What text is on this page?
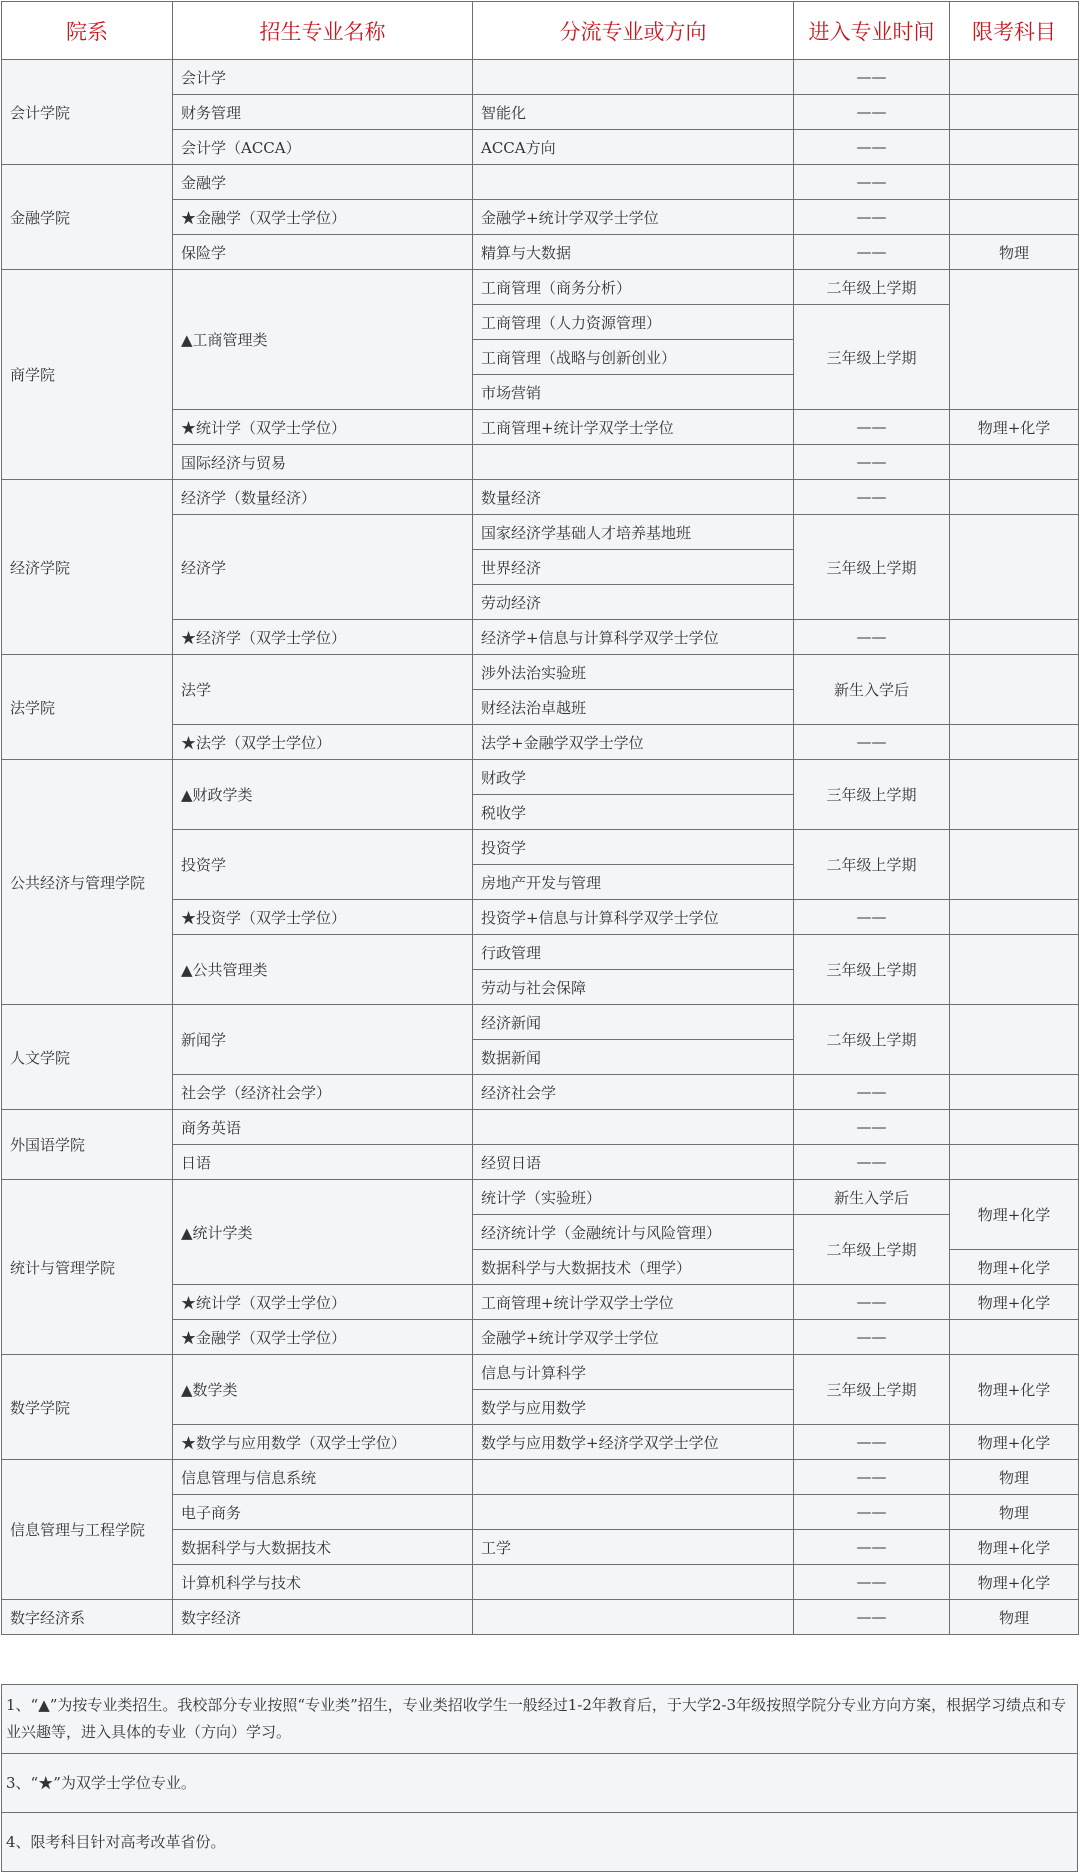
院系	招生专业名称	分流专业或方向	进入专业时间	限考科目
会计学院	会计学		——	
	财务管理	智能化	——	
	会计学（ACCA）	ACCA方向	——	
金融学院	金融学		——	
	★金融学（双学士学位）	金融学+统计学双学士学位	——	
	保险学	精算与大数据	——	物理
商学院	▲工商管理类	工商管理（商务分析）	二年级上学期	
		工商管理（人力资源管理）	三年级上学期	
		工商管理（战略与创新创业）		
		市场营销		
	★统计学（双学士学位）	工商管理+统计学双学士学位	——	物理+化学
	国际经济与贸易		——	
经济学院	经济学（数量经济）	数量经济	——	
	经济学	国家经济学基础人才培养基地班	三年级上学期	
		世界经济		
		劳动经济		
	★经济学（双学士学位）	经济学+信息与计算科学双学士学位	——	
法学院	法学	涉外法治实验班	新生入学后	
		财经法治卓越班		
	★法学（双学士学位）	法学+金融学双学士学位	——	
公共经济与管理学院	▲财政学类	财政学	三年级上学期	
		税收学		
	投资学	投资学	二年级上学期	
		房地产开发与管理		
	★投资学（双学士学位）	投资学+信息与计算科学双学士学位	——	
	▲公共管理类	行政管理	三年级上学期	
		劳动与社会保障		
人文学院	新闻学	经济新闻	二年级上学期	
		数据新闻		
	社会学（经济社会学）	经济社会学	——	
外国语学院	商务英语		——	
	日语	经贸日语	——	
统计与管理学院	▲统计学类	统计学（实验班）	新生入学后	物理+化学
		经济统计学（金融统计与风险管理）	二年级上学期	
		数据科学与大数据技术（理学）		物理+化学
	★统计学（双学士学位）	工商管理+统计学双学士学位	——	物理+化学
	★金融学（双学士学位）	金融学+统计学双学士学位	——	
数学学院	▲数学类	信息与计算科学	三年级上学期	物理+化学
		数学与应用数学		
	★数学与应用数学（双学士学位）	数学与应用数学+经济学双学士学位	——	物理+化学
信息管理与工程学院	信息管理与信息系统		——	物理
	电子商务		——	物理
	数据科学与大数据技术	工学	——	物理+化学
	计算机科学与技术		——	物理+化学
数字经济系	数字经济		——	物理
1、“▲”为按专业类招生。我校部分专业按照“专业类”招生，专业类招收学生一般经过1-2年教育后，于大学2-3年级按照学院分专业方向方案，根据学习绩点和专业兴趣等，进入具体的专业（方向）学习。
3、“★”为双学士学位专业。
4、限考科目针对高考改革省份。
